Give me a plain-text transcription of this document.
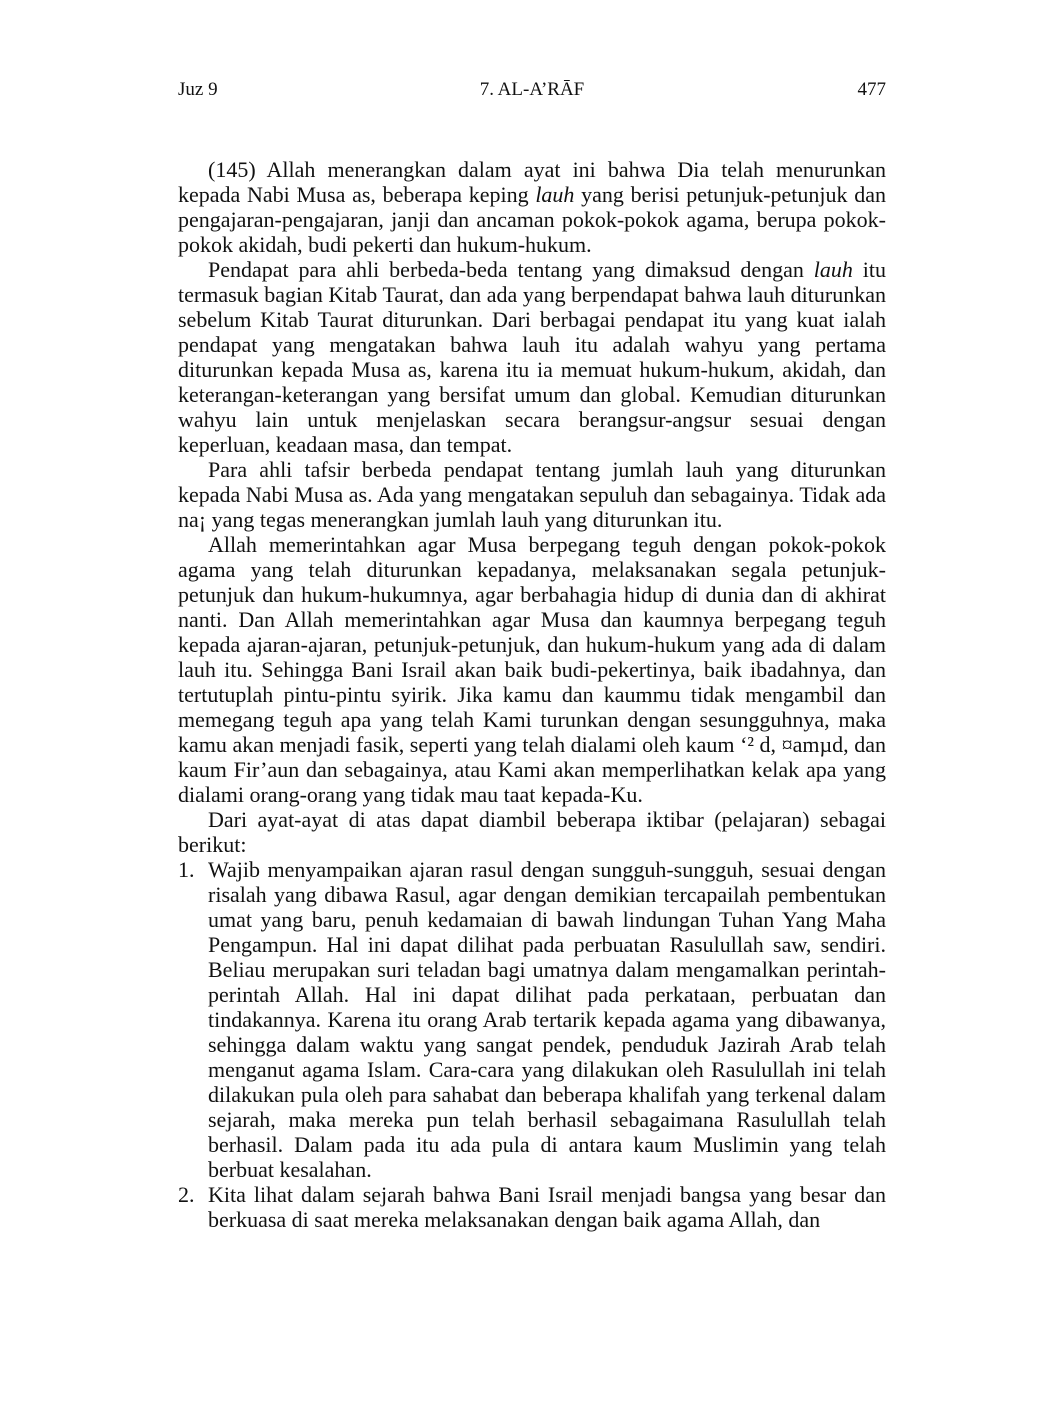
Juz 9	7. AL-A’RĀF	477

(145) Allah menerangkan dalam ayat ini bahwa Dia telah menurunkan kepada Nabi Musa as, beberapa keping lauh yang berisi petunjuk-petunjuk dan pengajaran-pengajaran, janji dan ancaman pokok-pokok agama, berupa pokok-pokok akidah, budi pekerti dan hukum-hukum.

Pendapat para ahli berbeda-beda tentang yang dimaksud dengan lauh itu termasuk bagian Kitab Taurat, dan ada yang berpendapat bahwa lauh diturunkan sebelum Kitab Taurat diturunkan. Dari berbagai pendapat itu yang kuat ialah pendapat yang mengatakan bahwa lauh itu adalah wahyu yang pertama diturunkan kepada Musa as, karena itu ia memuat hukum-hukum, akidah, dan keterangan-keterangan yang bersifat umum dan global. Kemudian diturunkan wahyu lain untuk menjelaskan secara berangsur-angsur sesuai dengan keperluan, keadaan masa, dan tempat.

Para ahli tafsir berbeda pendapat tentang jumlah lauh yang diturunkan kepada Nabi Musa as. Ada yang mengatakan sepuluh dan sebagainya. Tidak ada na¡ yang tegas menerangkan jumlah lauh yang diturunkan itu.

Allah memerintahkan agar Musa berpegang teguh dengan pokok-pokok agama yang telah diturunkan kepadanya, melaksanakan segala petunjuk-petunjuk dan hukum-hukumnya, agar berbahagia hidup di dunia dan di akhirat nanti. Dan Allah memerintahkan agar Musa dan kaumnya berpegang teguh kepada ajaran-ajaran, petunjuk-petunjuk, dan hukum-hukum yang ada di dalam lauh itu. Sehingga Bani Israil akan baik budi-pekertinya, baik ibadahnya, dan tertutuplah pintu-pintu syirik. Jika kamu dan kaummu tidak mengambil dan memegang teguh apa yang telah Kami turunkan dengan sesungguhnya, maka kamu akan menjadi fasik, seperti yang telah dialami oleh kaum ‘² d, ¤amµd, dan kaum Fir’aun dan sebagainya, atau Kami akan memperlihatkan kelak apa yang dialami orang-orang yang tidak mau taat kepada-Ku.

Dari ayat-ayat di atas dapat diambil beberapa iktibar (pelajaran) sebagai berikut:

1. Wajib menyampaikan ajaran rasul dengan sungguh-sungguh, sesuai dengan risalah yang dibawa Rasul, agar dengan demikian tercapailah pembentukan umat yang baru, penuh kedamaian di bawah lindungan Tuhan Yang Maha Pengampun. Hal ini dapat dilihat pada perbuatan Rasulullah saw, sendiri. Beliau merupakan suri teladan bagi umatnya dalam mengamalkan perintah-perintah Allah. Hal ini dapat dilihat pada perkataan, perbuatan dan tindakannya. Karena itu orang Arab tertarik kepada agama yang dibawanya, sehingga dalam waktu yang sangat pendek, penduduk Jazirah Arab telah menganut agama Islam. Cara-cara yang dilakukan oleh Rasulullah ini telah dilakukan pula oleh para sahabat dan beberapa khalifah yang terkenal dalam sejarah, maka mereka pun telah berhasil sebagaimana Rasulullah telah berhasil. Dalam pada itu ada pula di antara kaum Muslimin yang telah berbuat kesalahan.
2. Kita lihat dalam sejarah bahwa Bani Israil menjadi bangsa yang besar dan berkuasa di saat mereka melaksanakan dengan baik agama Allah, dan
